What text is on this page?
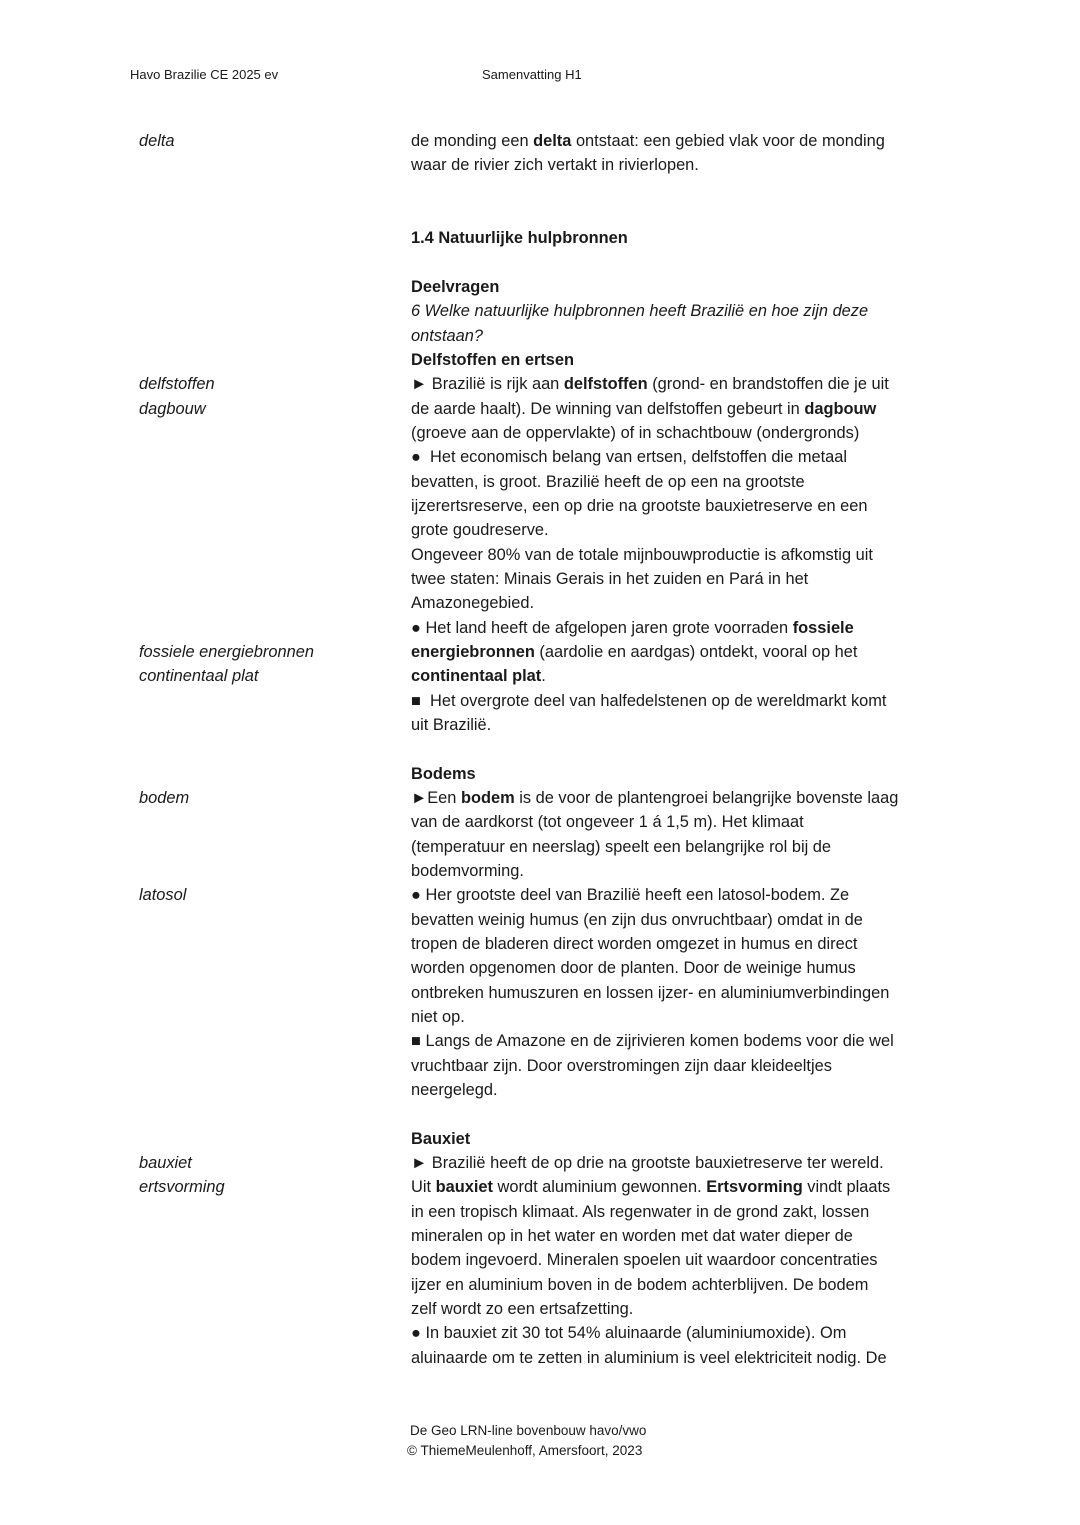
Havo Brazilie CE 2025 ev	Samenvatting H1
delta
delfstoffen
dagbouw
fossiele energiebronnen
continentaal plat
bodem
latosol
bauxiet
ertsvorming
de monding een delta ontstaat: een gebied vlak voor de monding
waar de rivier zich vertakt in rivierlopen.
1.4 Natuurlijke hulpbronnen
Deelvragen
6 Welke natuurlijke hulpbronnen heeft Brazilië en hoe zijn deze
ontstaan?
Delfstoffen en ertsen
► Brazilië is rijk aan delfstoffen (grond- en brandstoffen die je uit
de aarde haalt). De winning van delfstoffen gebeurt in dagbouw
(groeve aan de oppervlakte) of in schachtbouw (ondergronds)
●  Het economisch belang van ertsen, delfstoffen die metaal
bevatten, is groot. Brazilië heeft de op een na grootste
ijzerertsreserve, een op drie na grootste bauxietreserve en een
grote goudreserve.
Ongeveer 80% van de totale mijnbouwproductie is afkomstig uit
twee staten: Minais Gerais in het zuiden en Pará in het
Amazonegebied.
● Het land heeft de afgelopen jaren grote voorraden fossiele
energiebronnen (aardolie en aardgas) ontdekt, vooral op het
continentaal plat.
■  Het overgrote deel van halfedelstenen op de wereldmarkt komt
uit Brazilië.
Bodems
►Een bodem is de voor de plantengroei belangrijke bovenste laag
van de aardkorst (tot ongeveer 1 á 1,5 m). Het klimaat
(temperatuur en neerslag) speelt een belangrijke rol bij de
bodemvorming.
● Her grootste deel van Brazilië heeft een latosol-bodem. Ze
bevatten weinig humus (en zijn dus onvruchtbaar) omdat in de
tropen de bladeren direct worden omgezet in humus en direct
worden opgenomen door de planten. Door de weinige humus
ontbreken humuszuren en lossen ijzer- en aluminiumverbindingen
niet op.
■ Langs de Amazone en de zijrivieren komen bodems voor die wel
vruchtbaar zijn. Door overstromingen zijn daar kleideeltjes
neergelegd.
Bauxiet
► Brazilië heeft de op drie na grootste bauxietreserve ter wereld.
Uit bauxiet wordt aluminium gewonnen. Ertsvorming vindt plaats
in een tropisch klimaat. Als regenwater in de grond zakt, lossen
mineralen op in het water en worden met dat water dieper de
bodem ingevoerd. Mineralen spoelen uit waardoor concentraties
ijzer en aluminium boven in de bodem achterblijven. De bodem
zelf wordt zo een ertsafzetting.
● In bauxiet zit 30 tot 54% aluinaarde (aluminiumoxide). Om
aluinaarde om te zetten in aluminium is veel elektriciteit nodig. De
De Geo LRN-line bovenbouw havo/vwo
© ThiemeMeulenhoff, Amersfoort, 2023
